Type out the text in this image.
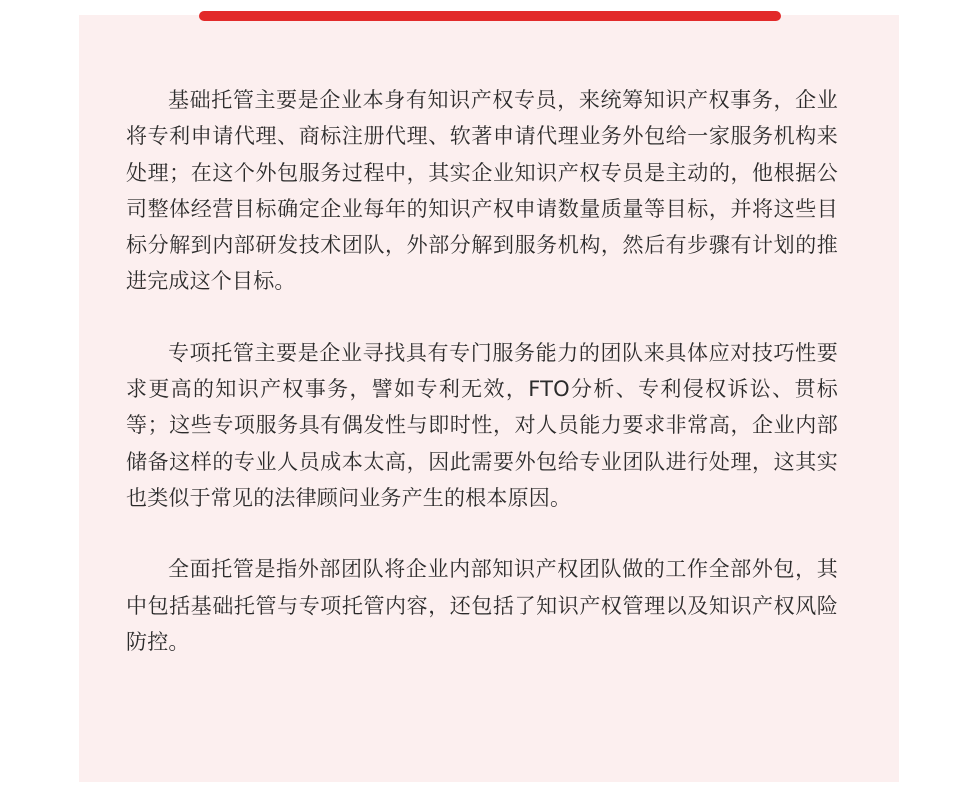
基础托管主要是企业本身有知识产权专员，来统筹知识产权事务，企业将专利申请代理、商标注册代理、软著申请代理业务外包给一家服务机构来处理；在这个外包服务过程中，其实企业知识产权专员是主动的，他根据公司整体经营目标确定企业每年的知识产权申请数量质量等目标，并将这些目标分解到内部研发技术团队，外部分解到服务机构，然后有步骤有计划的推进完成这个目标。

专项托管主要是企业寻找具有专门服务能力的团队来具体应对技巧性要求更高的知识产权事务，譬如专利无效，FTO分析、专利侵权诉讼、贯标等；这些专项服务具有偶发性与即时性，对人员能力要求非常高，企业内部储备这样的专业人员成本太高，因此需要外包给专业团队进行处理，这其实也类似于常见的法律顾问业务产生的根本原因。

全面托管是指外部团队将企业内部知识产权团队做的工作全部外包，其中包括基础托管与专项托管内容，还包括了知识产权管理以及知识产权风险防控。
